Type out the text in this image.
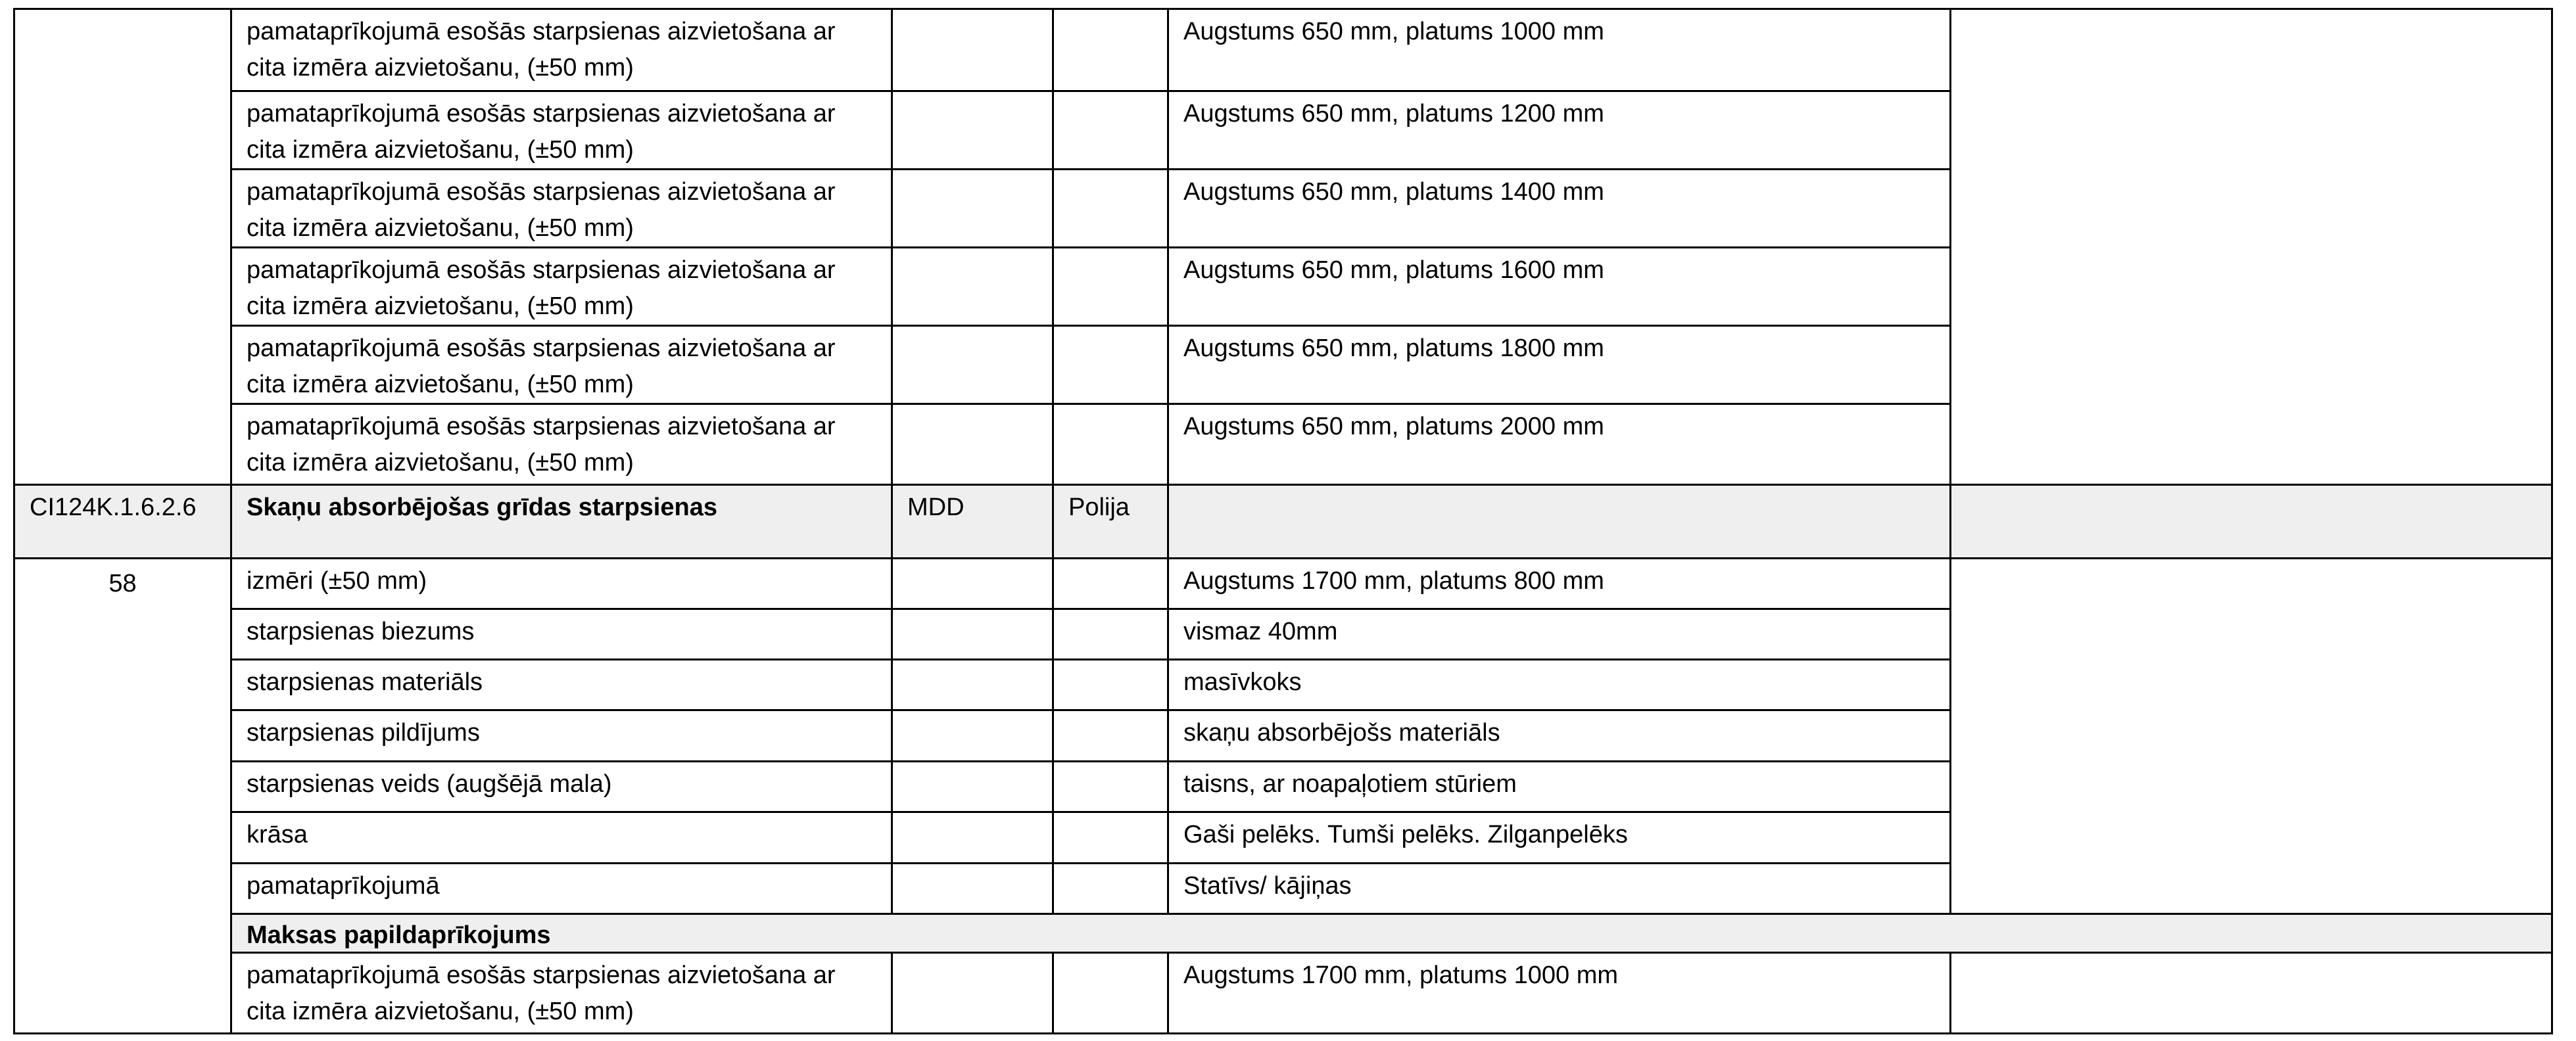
	pamataprīkojumā esošās starpsienas aizvietošana ar cita izmēra aizvietošanu, (±50 mm)			Augstums 650 mm, platums 1000 mm	
	pamataprīkojumā esošās starpsienas aizvietošana ar cita izmēra aizvietošanu, (±50 mm)			Augstums 650 mm, platums 1200 mm	
	pamataprīkojumā esošās starpsienas aizvietošana ar cita izmēra aizvietošanu, (±50 mm)			Augstums 650 mm, platums 1400 mm	
	pamataprīkojumā esošās starpsienas aizvietošana ar cita izmēra aizvietošanu, (±50 mm)			Augstums 650 mm, platums 1600 mm	
	pamataprīkojumā esošās starpsienas aizvietošana ar cita izmēra aizvietošanu, (±50 mm)			Augstums 650 mm, platums 1800 mm	
	pamataprīkojumā esošās starpsienas aizvietošana ar cita izmēra aizvietošanu, (±50 mm)			Augstums 650 mm, platums 2000 mm	
CI124K.1.6.2.6	Skaņu absorbējošas grīdas starpsienas	MDD	Polija		
58	izmēri (±50 mm)			Augstums 1700 mm, platums 800 mm	
	starpsienas biezums			vismaz 40mm	
	starpsienas materiāls			masīvkoks	
	starpsienas pildījums			skaņu absorbējošs materiāls	
	starpsienas veids (augšējā mala)			taisns, ar noapaļotiem stūriem	
	krāsa			Gaši pelēks. Tumši pelēks. Zilganpelēks	
	pamataprīkojumā			Statīvs/ kājiņas	
	Maksas papildaprīkojums				
	pamataprīkojumā esošās starpsienas aizvietošana ar cita izmēra aizvietošanu, (±50 mm)			Augstums 1700 mm, platums 1000 mm	
